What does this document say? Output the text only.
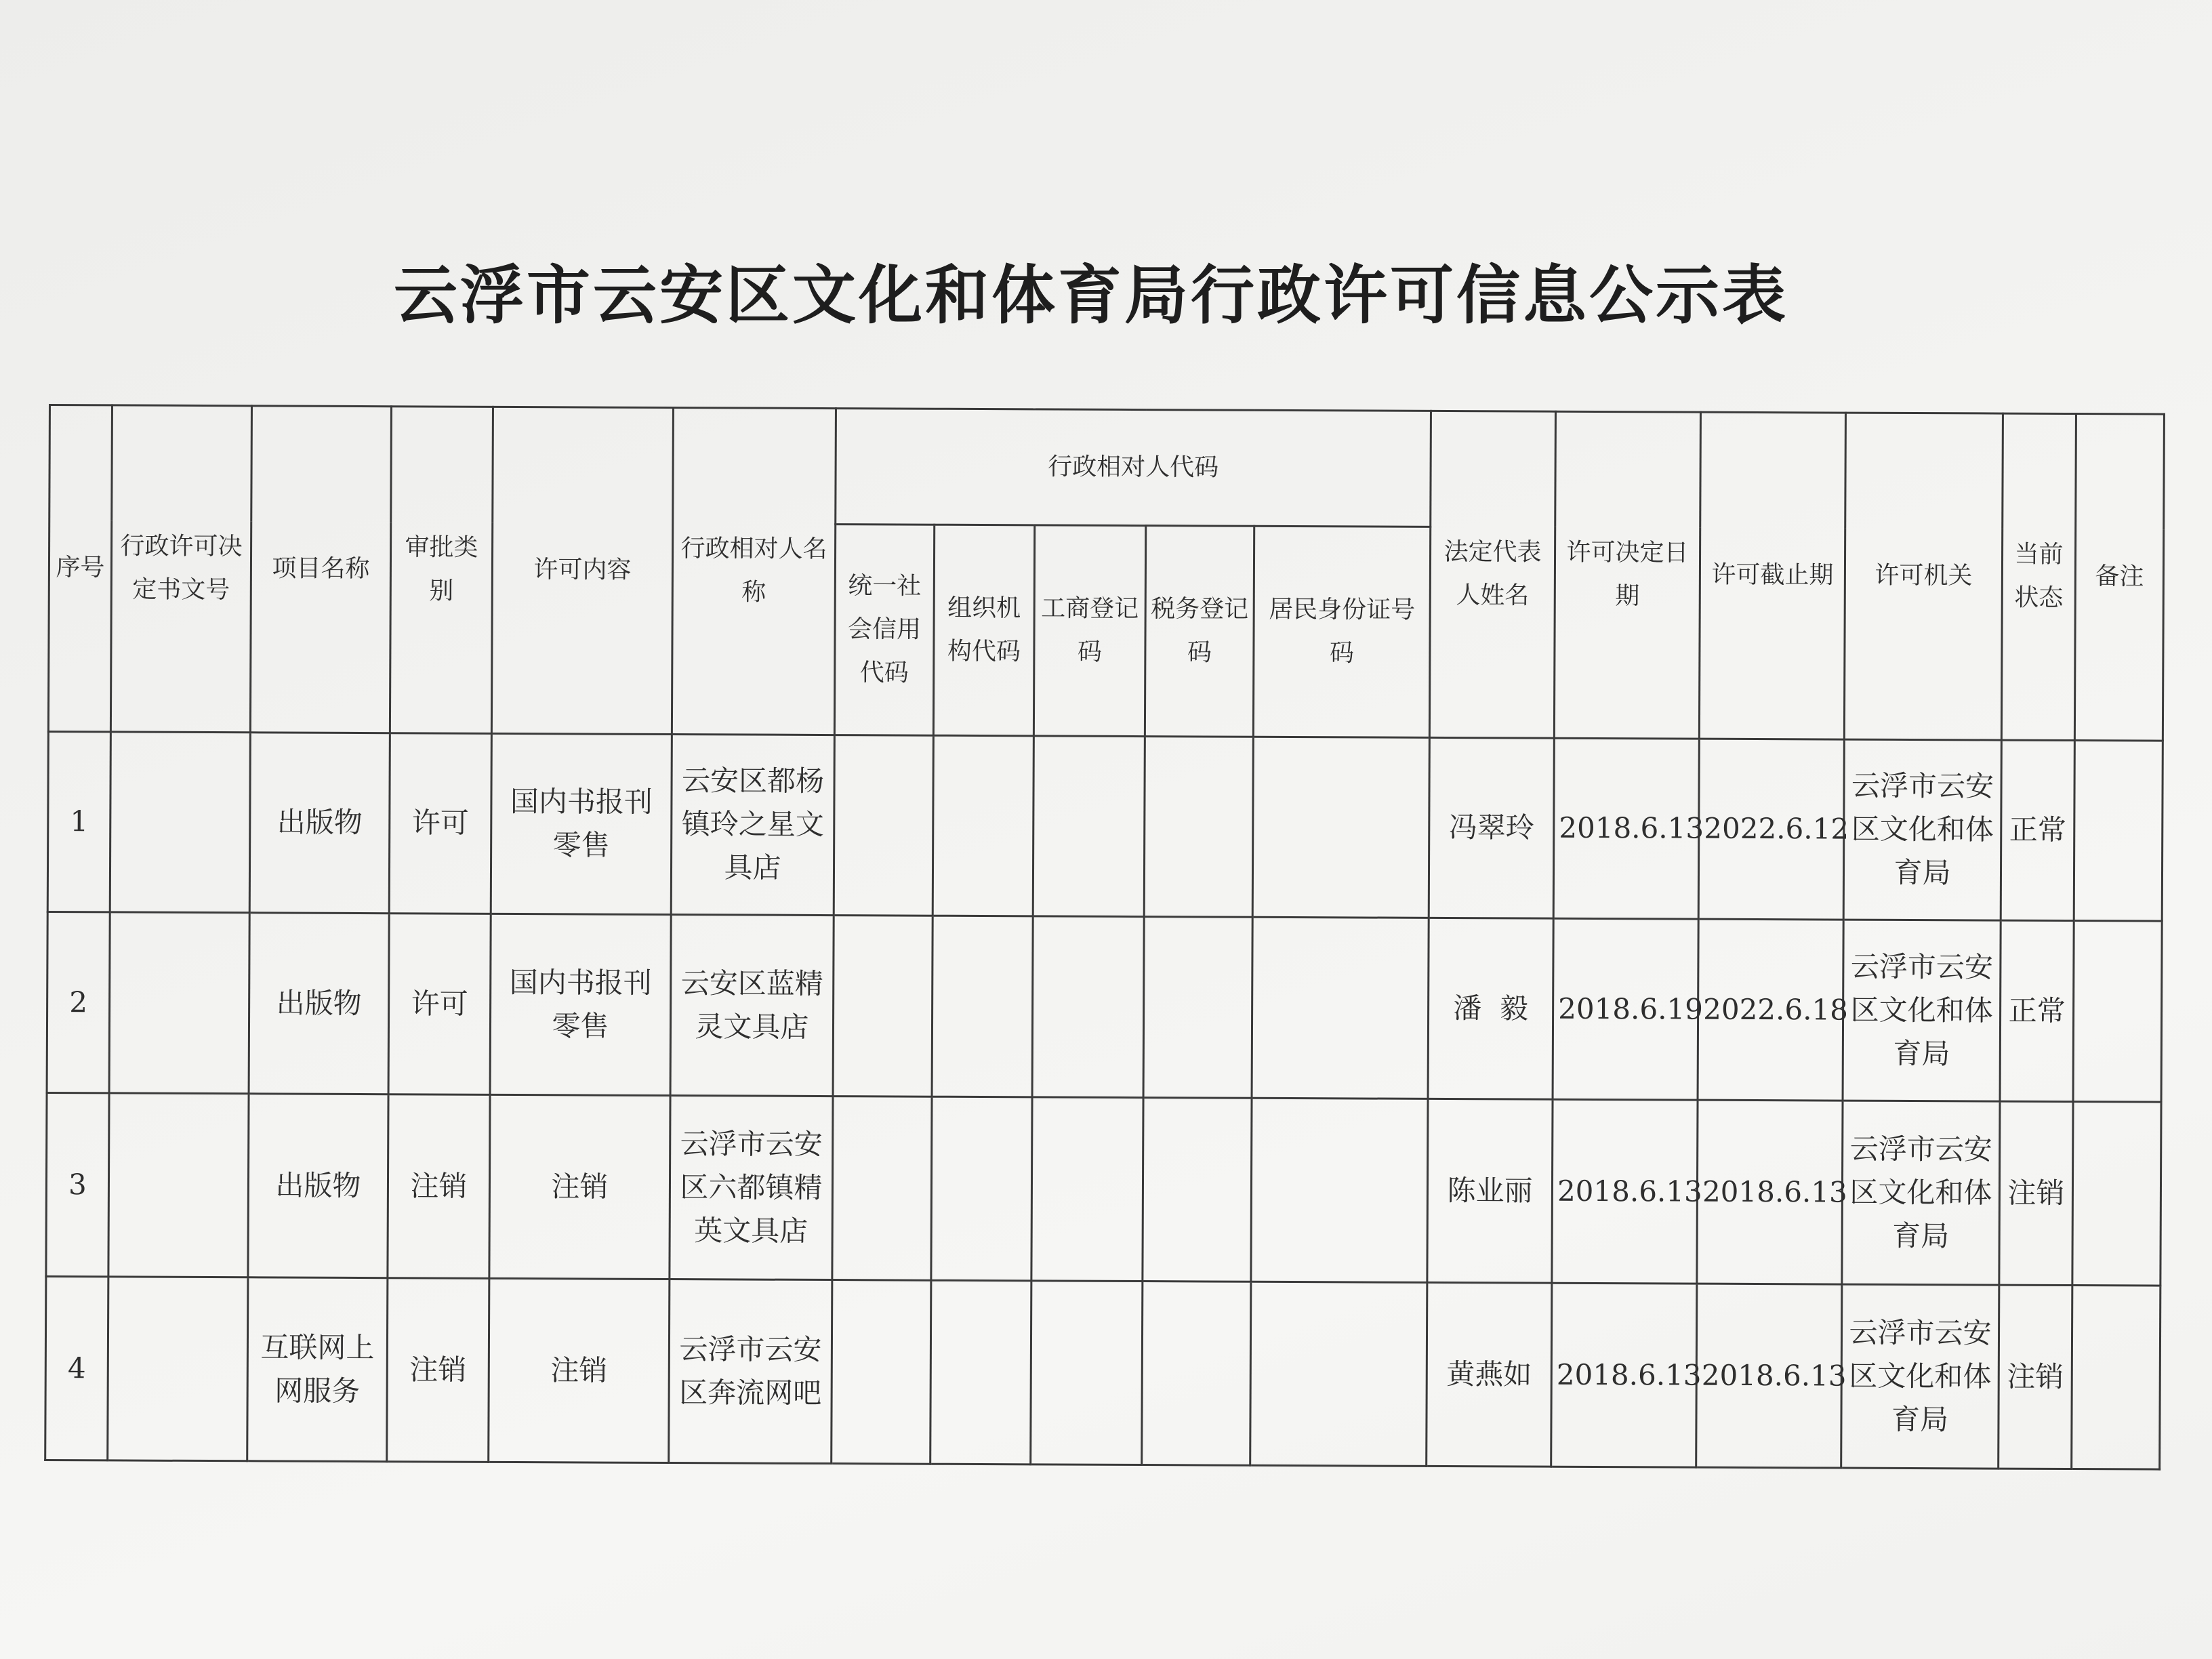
云浮市云安区文化和体育局行政许可信息公示表
序号	行政许可决定书文号	项目名称	审批类别	许可内容	行政相对人名称	行政相对人代码					法定代表人姓名	许可决定日期	许可截止期	许可机关	当前状态	备注
						统一社会信用代码	组织机构代码	工商登记码	税务登记码	居民身份证号码						
1		出版物	许可	国内书报刊零售	云安区都杨镇玲之星文具店						冯翠玲	2018.6.13	2022.6.12	云浮市云安区文化和体育局	正常	
2		出版物	许可	国内书报刊零售	云安区蓝精灵文具店						潘  毅	2018.6.19	2022.6.18	云浮市云安区文化和体育局	正常	
3		出版物	注销	注销	云浮市云安区六都镇精英文具店						陈业丽	2018.6.13	2018.6.13	云浮市云安区文化和体育局	注销	
4		互联网上网服务	注销	注销	云浮市云安区奔流网吧						黄燕如	2018.6.13	2018.6.13	云浮市云安区文化和体育局	注销	
